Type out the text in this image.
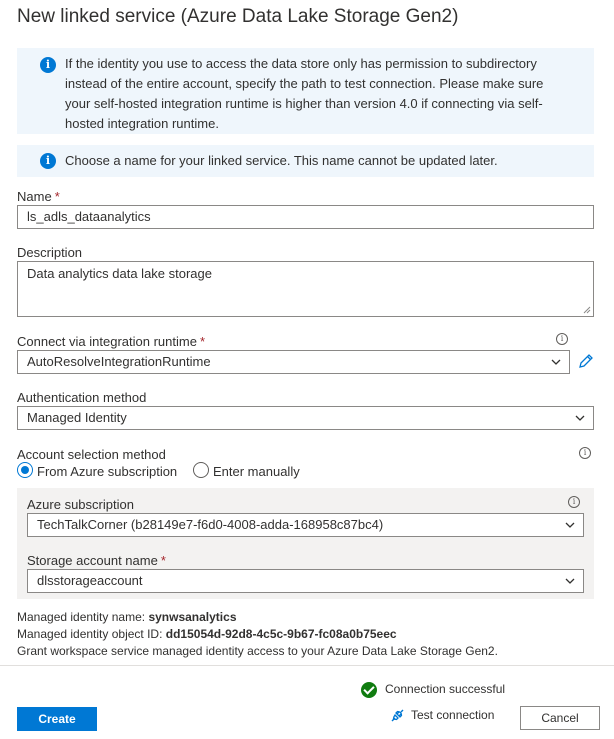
New linked service (Azure Data Lake Storage Gen2)
i	If the identity you use to access the data store only has permission to subdirectory instead of the entire account, specify the path to test connection. Please make sure your self-hosted integration runtime is higher than version 4.0 if connecting via self-hosted integration runtime.
i	Choose a name for your linked service. This name cannot be updated later.
Name *
ls_adls_dataanalytics
Description
Data analytics data lake storage
Connect via integration runtime *	i
AutoResolveIntegrationRuntime
Authentication method
Managed Identity
Account selection method	i
From Azure subscription	Enter manually
Azure subscription	i
TechTalkCorner (b28149e7-f6d0-4008-adda-168958c87bc4)
Storage account name *
dlsstorageaccount
Managed identity name: synwsanalytics
Managed identity object ID: dd15054d-92d8-4c5c-9b67-fc08a0b75eec
Grant workspace service managed identity access to your Azure Data Lake Storage Gen2.
Connection successful
Create	Test connection	Cancel
